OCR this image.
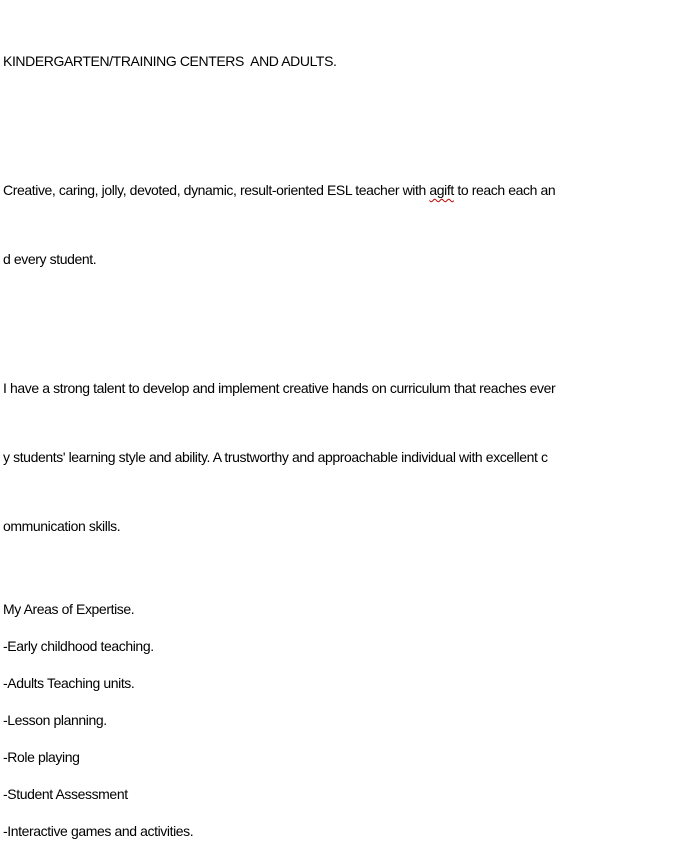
KINDERGARTEN/TRAINING CENTERS  AND ADULTS.

Creative, caring, jolly, devoted, dynamic, result-oriented ESL teacher with agift to reach each an

d every student.

I have a strong talent to develop and implement creative hands on curriculum that reaches ever

y students' learning style and ability. A trustworthy and approachable individual with excellent c

ommunication skills.

My Areas of Expertise.

-Early childhood teaching.

-Adults Teaching units.

-Lesson planning.

-Role playing

-Student Assessment

-Interactive games and activities.
